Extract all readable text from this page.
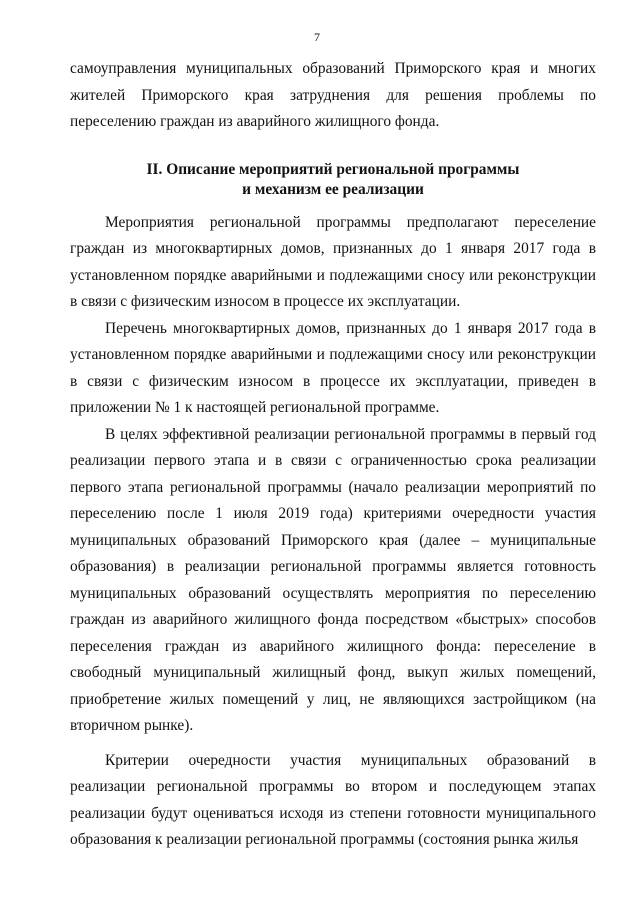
7

самоуправления муниципальных образований Приморского края и многих жителей Приморского края затруднения для решения проблемы по переселению граждан из аварийного жилищного фонда.

II. Описание мероприятий региональной программы
и механизм ее реализации

Мероприятия региональной программы предполагают переселение граждан из многоквартирных домов, признанных до 1 января 2017 года в установленном порядке аварийными и подлежащими сносу или реконструкции в связи с физическим износом в процессе их эксплуатации.

Перечень многоквартирных домов, признанных до 1 января 2017 года в установленном порядке аварийными и подлежащими сносу или реконструкции в связи с физическим износом в процессе их эксплуатации, приведен в приложении № 1 к настоящей региональной программе.

В целях эффективной реализации региональной программы в первый год реализации первого этапа и в связи с ограниченностью срока реализации первого этапа региональной программы (начало реализации мероприятий по переселению после 1 июля 2019 года) критериями очередности участия муниципальных образований Приморского края (далее – муниципальные образования) в реализации региональной программы является готовность муниципальных образований осуществлять мероприятия по переселению граждан из аварийного жилищного фонда посредством «быстрых» способов переселения граждан из аварийного жилищного фонда: переселение в свободный муниципальный жилищный фонд, выкуп жилых помещений, приобретение жилых помещений у лиц, не являющихся застройщиком (на вторичном рынке).

Критерии очередности участия муниципальных образований в реализации региональной программы во втором и последующем этапах реализации будут оцениваться исходя из степени готовности муниципального образования к реализации региональной программы (состояния рынка жилья
